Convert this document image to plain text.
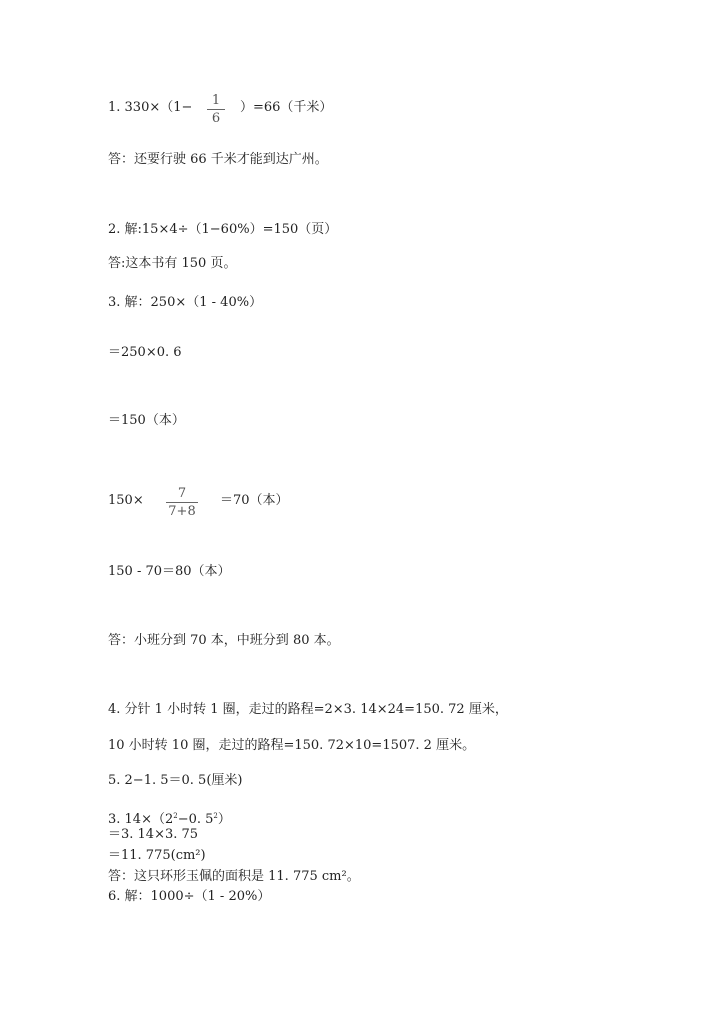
1. 330×（1−	1
6
）=66（千米）
答：还要行驶 66 千米才能到达广州。
2. 解:15×4÷（1−60%）=150（页）
答:这本书有 150 页。
3. 解：250×（1 - 40%）
＝250×0. 6
＝150（本）
150×	7
7+8
＝70（本）
150 - 70＝80（本）
答：小班分到 70 本，中班分到 80 本。
4. 分针 1 小时转 1 圈，走过的路程=2×3. 14×24=150. 72 厘米，
10 小时转 10 圈，走过的路程=150. 72×10=1507. 2 厘米。
5. 2−1. 5＝0. 5(厘米)
3. $14\times(2^2-0$. $5^2$）
＝3. 14×3. 75
＝11. 775(cm²)
答：这只环形玉佩的面积是 11. 775 cm²。
6. 解：1000÷（1 - 20%）
